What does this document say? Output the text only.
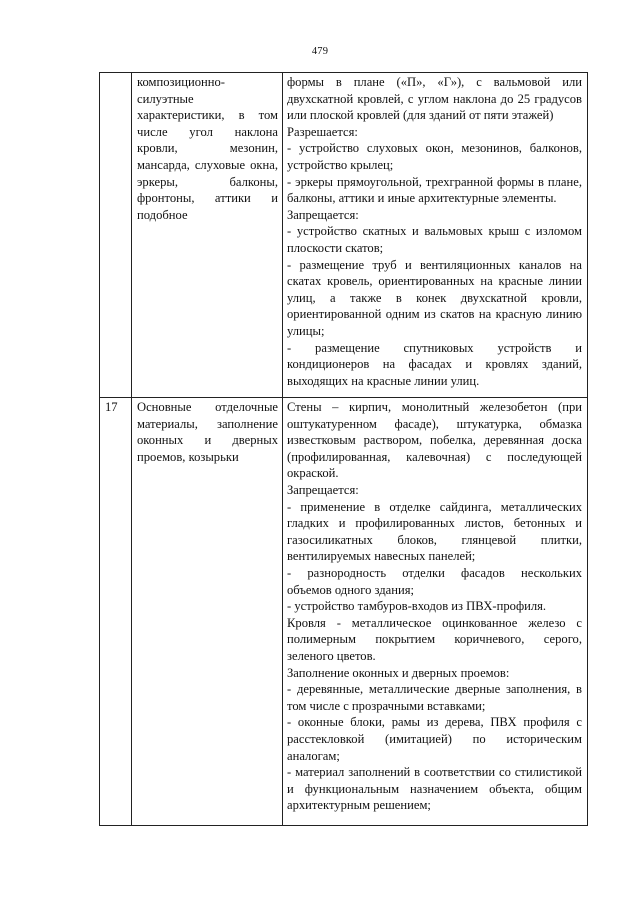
479
композиционно-
силуэтные
характеристики, в том
числе угол наклона
кровли, мезонин,
мансарда, слуховые окна,
эркеры, балконы,
фронтоны, аттики и
подобное
формы в плане («П», «Г»), с вальмовой или
двухскатной кровлей, с углом наклона до 25 градусов
или плоской кровлей (для зданий от пяти этажей)
Разрешается:
- устройство слуховых окон, мезонинов, балконов,
устройство крылец;
- эркеры прямоугольной, трехгранной формы в плане,
балконы, аттики и иные архитектурные элементы.
Запрещается:
- устройство скатных и вальмовых крыш с изломом
плоскости скатов;
- размещение труб и вентиляционных каналов на
скатах кровель, ориентированных на красные линии
улиц, а также в конек двухскатной кровли,
ориентированной одним из скатов на красную линию
улицы;
- размещение спутниковых устройств и
кондиционеров на фасадах и кровлях зданий,
выходящих на красные линии улиц.
17	Основные отделочные
материалы, заполнение
оконных и дверных
проемов, козырьки
Стены – кирпич, монолитный железобетон (при
оштукатуренном фасаде), штукатурка, обмазка
известковым раствором, побелка, деревянная доска
(профилированная, калевочная) с последующей
окраской.
Запрещается:
- применение в отделке сайдинга, металлических
гладких и профилированных листов, бетонных и
газосиликатных блоков, глянцевой плитки,
вентилируемых навесных панелей;
- разнородность отделки фасадов нескольких
объемов одного здания;
- устройство тамбуров-входов из ПВХ-профиля.
Кровля - металлическое оцинкованное железо с
полимерным покрытием коричневого, серого,
зеленого цветов.
Заполнение оконных и дверных проемов:
- деревянные, металлические дверные заполнения, в
том числе с прозрачными вставками;
- оконные блоки, рамы из дерева, ПВХ профиля с
расстекловкой (имитацией) по историческим
аналогам;
- материал заполнений в соответствии со стилистикой
и функциональным назначением объекта, общим
архитектурным решением;
